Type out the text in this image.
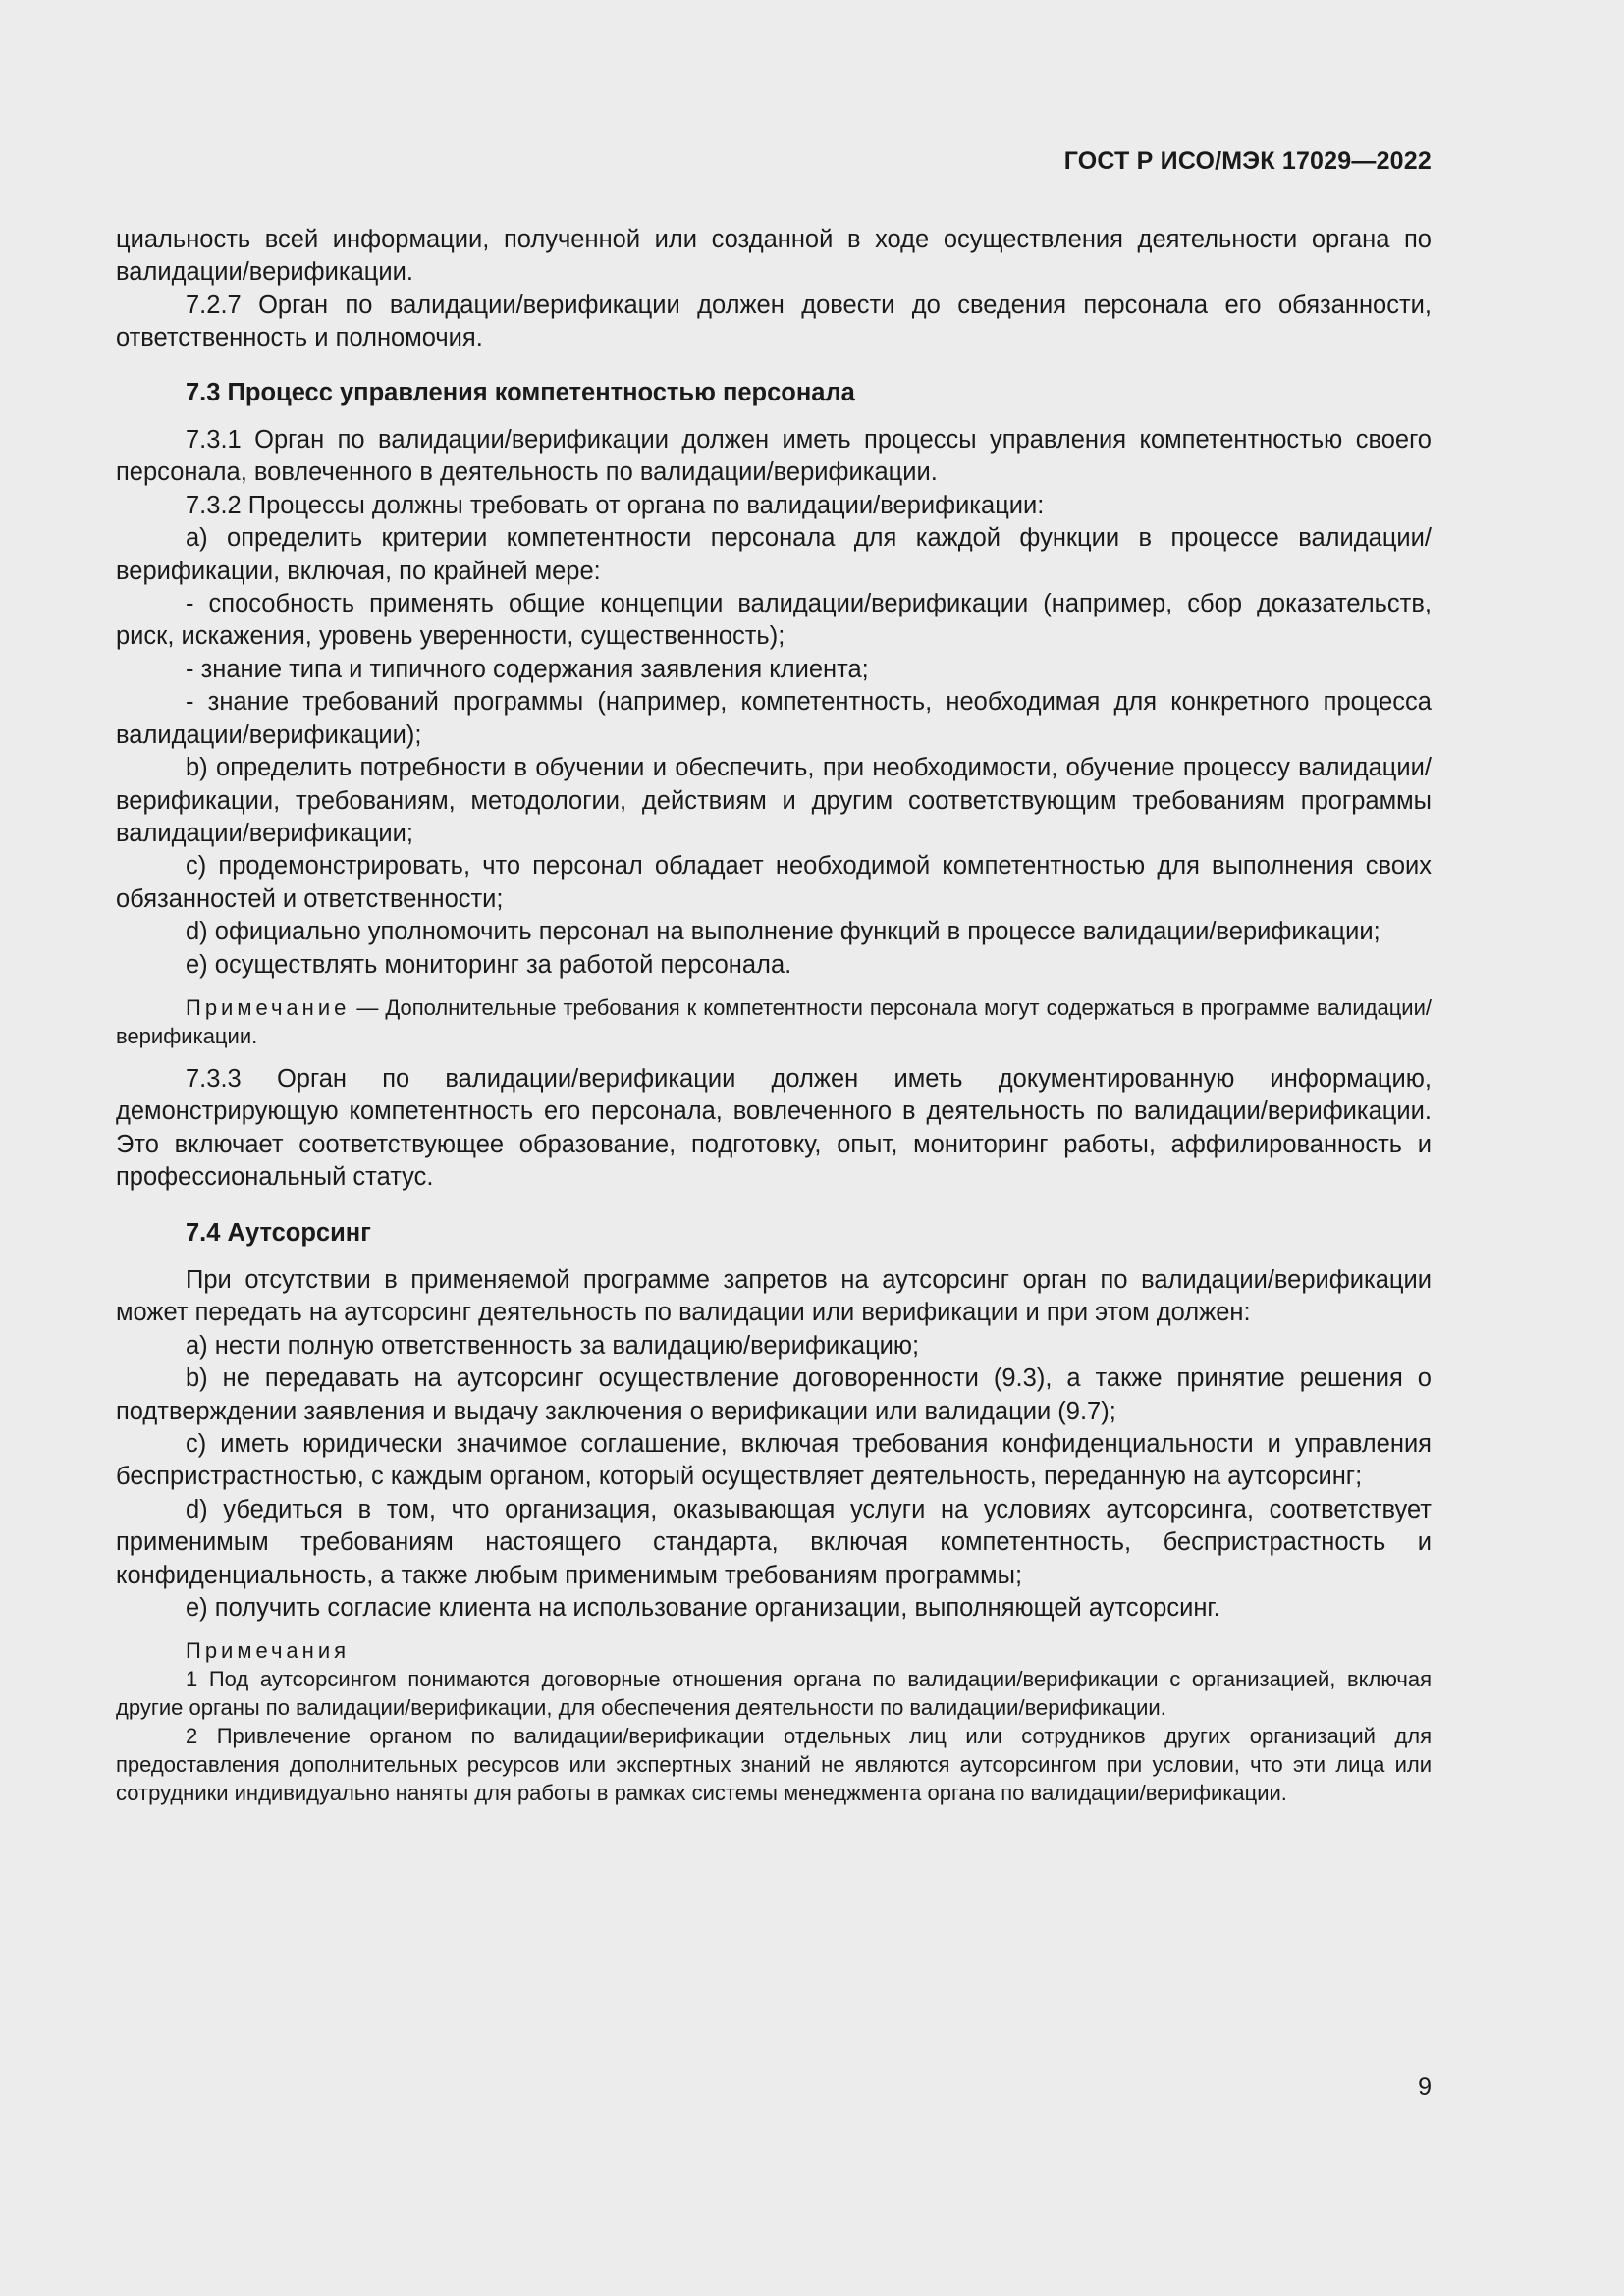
ГОСТ Р ИСО/МЭК 17029—2022

циальность всей информации, полученной или созданной в ходе осуществления деятельности органа по валидации/верификации.

7.2.7 Орган по валидации/верификации должен довести до сведения персонала его обязанности, ответственность и полномочия.

7.3 Процесс управления компетентностью персонала

7.3.1 Орган по валидации/верификации должен иметь процессы управления компетентностью своего персонала, вовлеченного в деятельность по валидации/верификации.

7.3.2 Процессы должны требовать от органа по валидации/верификации:

a) определить критерии компетентности персонала для каждой функции в процессе валидации/верификации, включая, по крайней мере:

- способность применять общие концепции валидации/верификации (например, сбор доказательств, риск, искажения, уровень уверенности, существенность);

- знание типа и типичного содержания заявления клиента;

- знание требований программы (например, компетентность, необходимая для конкретного процесса валидации/верификации);

b) определить потребности в обучении и обеспечить, при необходимости, обучение процессу валидации/верификации, требованиям, методологии, действиям и другим соответствующим требованиям программы валидации/верификации;

c) продемонстрировать, что персонал обладает необходимой компетентностью для выполнения своих обязанностей и ответственности;

d) официально уполномочить персонал на выполнение функций в процессе валидации/верификации;

e) осуществлять мониторинг за работой персонала.

Примечание — Дополнительные требования к компетентности персонала могут содержаться в программе валидации/верификации.

7.3.3 Орган по валидации/верификации должен иметь документированную информацию, демонстрирующую компетентность его персонала, вовлеченного в деятельность по валидации/верификации. Это включает соответствующее образование, подготовку, опыт, мониторинг работы, аффилированность и профессиональный статус.

7.4 Аутсорсинг

При отсутствии в применяемой программе запретов на аутсорсинг орган по валидации/верификации может передать на аутсорсинг деятельность по валидации или верификации и при этом должен:

a) нести полную ответственность за валидацию/верификацию;

b) не передавать на аутсорсинг осуществление договоренности (9.3), а также принятие решения о подтверждении заявления и выдачу заключения о верификации или валидации (9.7);

c) иметь юридически значимое соглашение, включая требования конфиденциальности и управления беспристрастностью, с каждым органом, который осуществляет деятельность, переданную на аутсорсинг;

d) убедиться в том, что организация, оказывающая услуги на условиях аутсорсинга, соответствует применимым требованиям настоящего стандарта, включая компетентность, беспристрастность и конфиденциальность, а также любым применимым требованиям программы;

e) получить согласие клиента на использование организации, выполняющей аутсорсинг.

Примечания

1 Под аутсорсингом понимаются договорные отношения органа по валидации/верификации с организацией, включая другие органы по валидации/верификации, для обеспечения деятельности по валидации/верификации.

2 Привлечение органом по валидации/верификации отдельных лиц или сотрудников других организаций для предоставления дополнительных ресурсов или экспертных знаний не являются аутсорсингом при условии, что эти лица или сотрудники индивидуально наняты для работы в рамках системы менеджмента органа по валидации/верификации.

9
